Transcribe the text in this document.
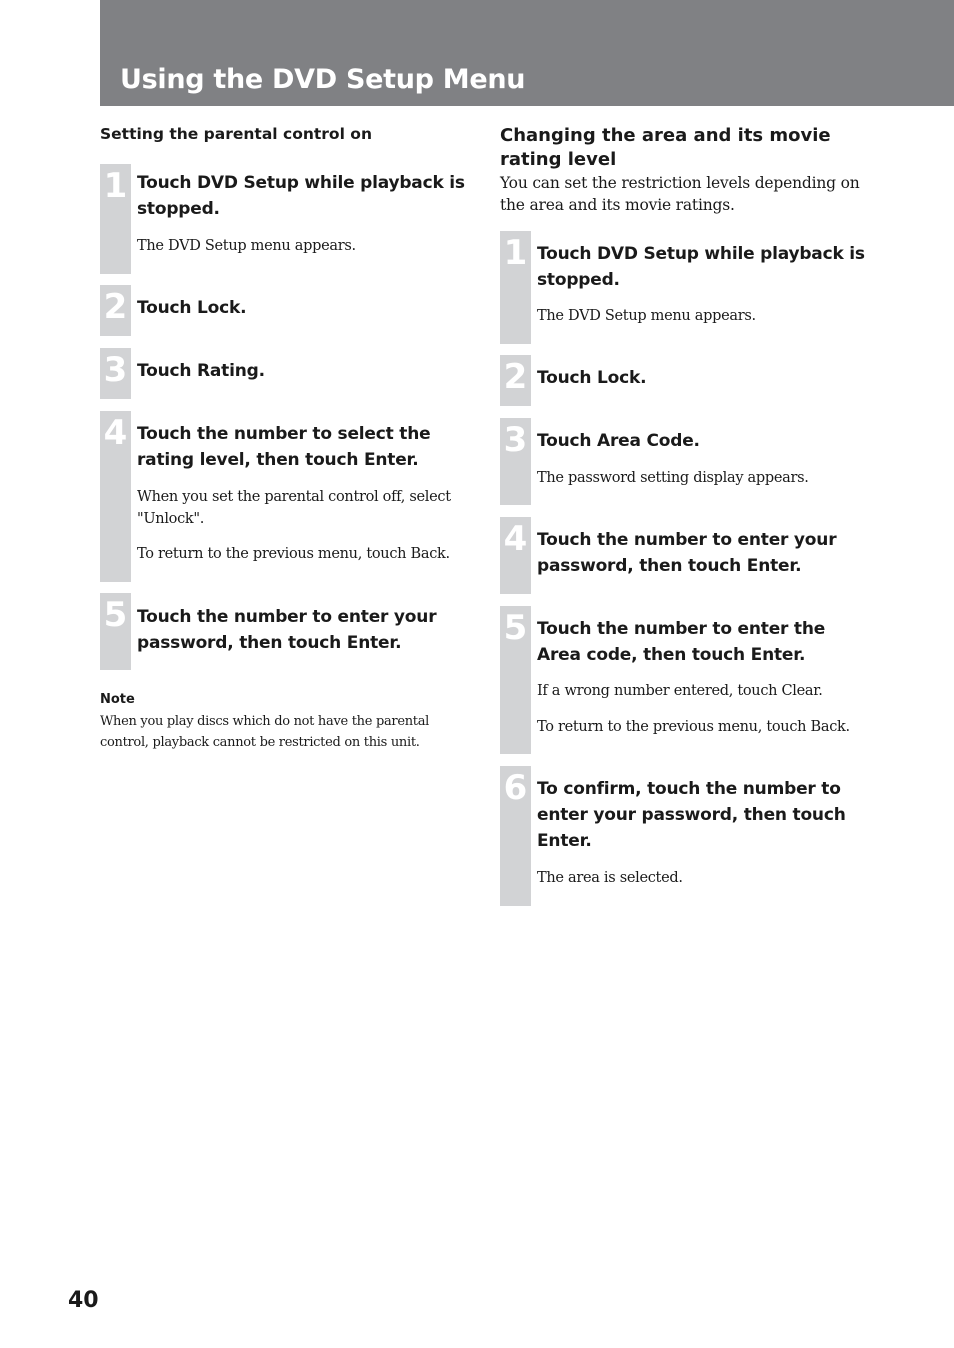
Using the DVD Setup Menu
Setting the parental control on
1 Touch DVD Setup while playback is stopped.

The DVD Setup menu appears.

2 Touch Lock.

3 Touch Rating.

4 Touch the number to select the rating level, then touch Enter.

When you set the parental control off, select "Unlock".

To return to the previous menu, touch Back.

5 Touch the number to enter your password, then touch Enter.

Note

When you play discs which do not have the parental control, playback cannot be restricted on this unit.

Changing the area and its movie rating level

You can set the restriction levels depending on the area and its movie ratings.

1 Touch DVD Setup while playback is stopped.

The DVD Setup menu appears.

2 Touch Lock.

3 Touch Area Code.

The password setting display appears.

4 Touch the number to enter your password, then touch Enter.

5 Touch the number to enter the Area code, then touch Enter.

If a wrong number entered, touch Clear.

To return to the previous menu, touch Back.

6 To confirm, touch the number to enter your password, then touch Enter.

The area is selected.

40
